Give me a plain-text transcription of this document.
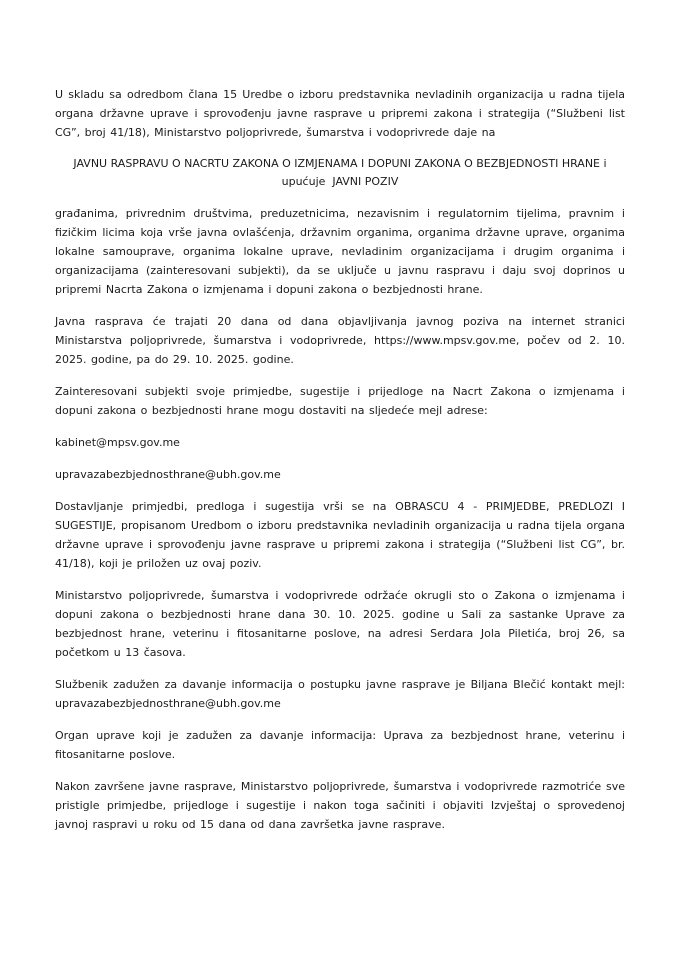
U skladu sa odredbom člana 15 Uredbe o izboru predstavnika nevladinih organizacija u radna tijela organa državne uprave i sprovođenju javne rasprave u pripremi zakona i strategija (“Službeni list CG”, broj 41/18), Ministarstvo poljoprivrede, šumarstva i vodoprivrede daje na

JAVNU RASPRAVU O NACRTU ZAKONA O IZMJENAMA I DOPUNI ZAKONA O BEZBJEDNOSTI HRANE i
upućuje  JAVNI POZIV

građanima, privrednim društvima, preduzetnicima, nezavisnim i regulatornim tijelima, pravnim i fizičkim licima koja vrše javna ovlašćenja, državnim organima, organima državne uprave, organima lokalne samouprave, organima lokalne uprave, nevladinim organizacijama i drugim organima i organizacijama (zainteresovani subjekti), da se uključe u javnu raspravu i daju svoj doprinos u pripremi Nacrta Zakona o izmjenama i dopuni zakona o bezbjednosti hrane.

Javna rasprava će trajati 20 dana od dana objavljivanja javnog poziva na internet stranici Ministarstva poljoprivrede, šumarstva i vodoprivrede, https://www.mpsv.gov.me, počev od 2. 10. 2025. godine, pa do 29. 10. 2025. godine.

Zainteresovani subjekti svoje primjedbe, sugestije i prijedloge na Nacrt Zakona o izmjenama i dopuni zakona o bezbjednosti hrane mogu dostaviti na sljedeće mejl adrese:

kabinet@mpsv.gov.me

upravazabezbjednosthrane@ubh.gov.me

Dostavljanje primjedbi, predloga i sugestija vrši se na OBRASCU 4 - PRIMJEDBE, PREDLOZI I SUGESTIJE, propisanom Uredbom o izboru predstavnika nevladinih organizacija u radna tijela organa državne uprave i sprovođenju javne rasprave u pripremi zakona i strategija (“Službeni list CG”, br. 41/18), koji je priložen uz ovaj poziv.

Ministarstvo poljoprivrede, šumarstva i vodoprivrede održaće okrugli sto o Zakona o izmjenama i dopuni zakona o bezbjednosti hrane dana 30. 10. 2025. godine u Sali za sastanke Uprave za bezbjednost hrane, veterinu i fitosanitarne poslove, na adresi Serdara Jola Piletića, broj 26, sa početkom u 13 časova.

Službenik zadužen za davanje informacija o postupku javne rasprave je Biljana Blečić kontakt mejl: upravazabezbjednosthrane@ubh.gov.me

Organ uprave koji je zadužen za davanje informacija: Uprava za bezbjednost hrane, veterinu i fitosanitarne poslove.

Nakon završene javne rasprave, Ministarstvo poljoprivrede, šumarstva i vodoprivrede razmotriće sve pristigle primjedbe, prijedloge i sugestije i nakon toga sačiniti i objaviti Izvještaj o sprovedenoj javnoj raspravi u roku od 15 dana od dana završetka javne rasprave.
